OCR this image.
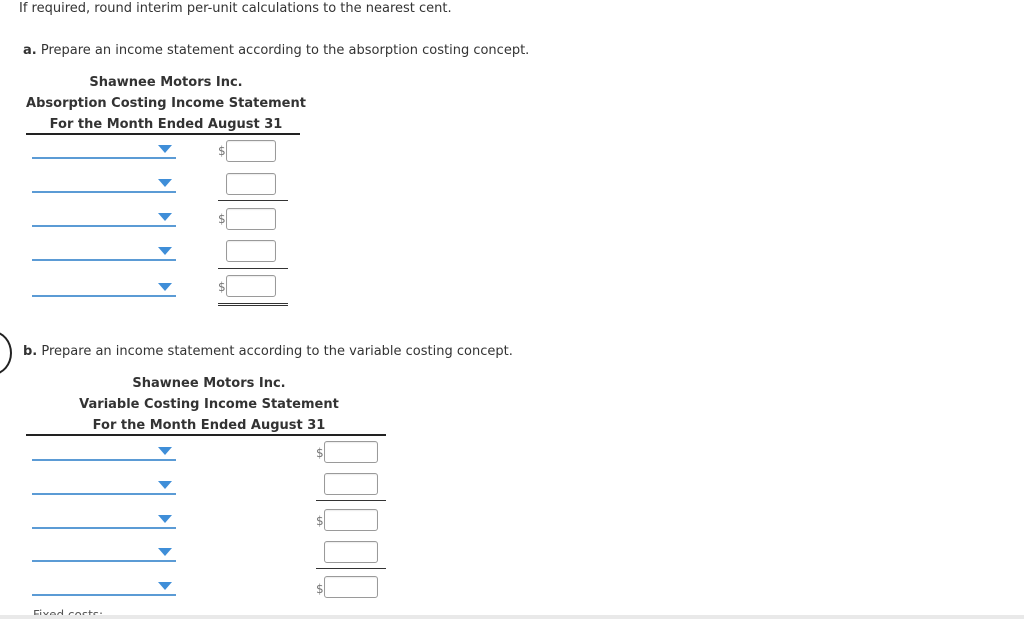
If required, round interim per-unit calculations to the nearest cent.
a. Prepare an income statement according to the absorption costing concept.
Shawnee Motors Inc.
Absorption Costing Income Statement
For the Month Ended August 31
$
$
$
b. Prepare an income statement according to the variable costing concept.
Shawnee Motors Inc.
Variable Costing Income Statement
For the Month Ended August 31
$
$
$
